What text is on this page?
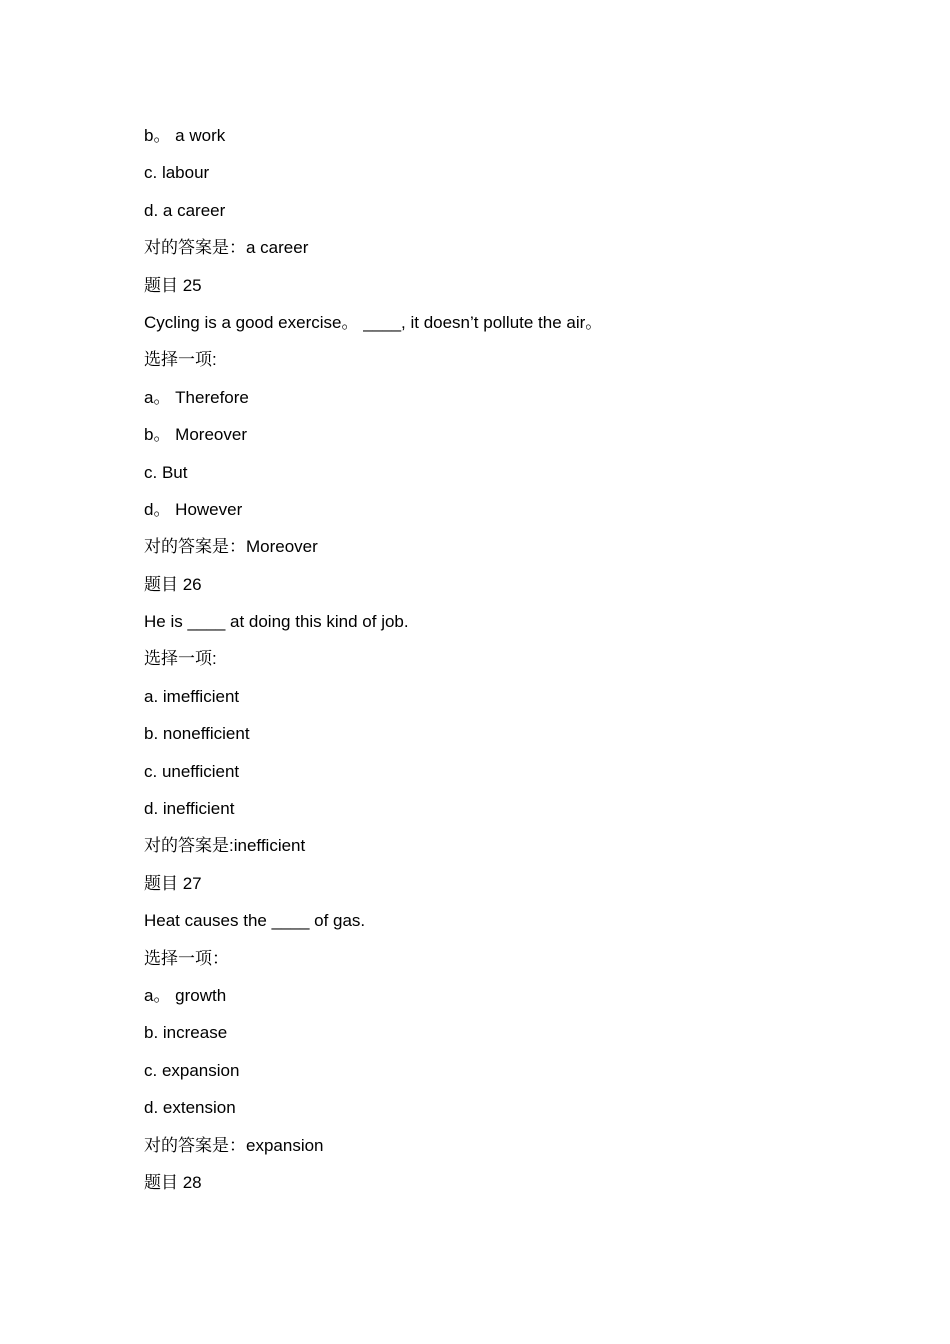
b。 a work
c. labour
d. a career
对的答案是：a career
题目 25
Cycling is a good exercise。 ____, it doesn’t pollute the air。
选择一项:
a。 Therefore
b。 Moreover
c. But
d。 However
对的答案是：Moreover
题目 26
He is ____ at doing this kind of job.
选择一项:
a. imefficient
b. nonefficient
c. unefficient
d. inefficient
对的答案是:inefficient
题目 27
Heat causes the ____ of gas.
选择一项：
a。 growth
b. increase
c. expansion
d. extension
对的答案是：expansion
题目 28
